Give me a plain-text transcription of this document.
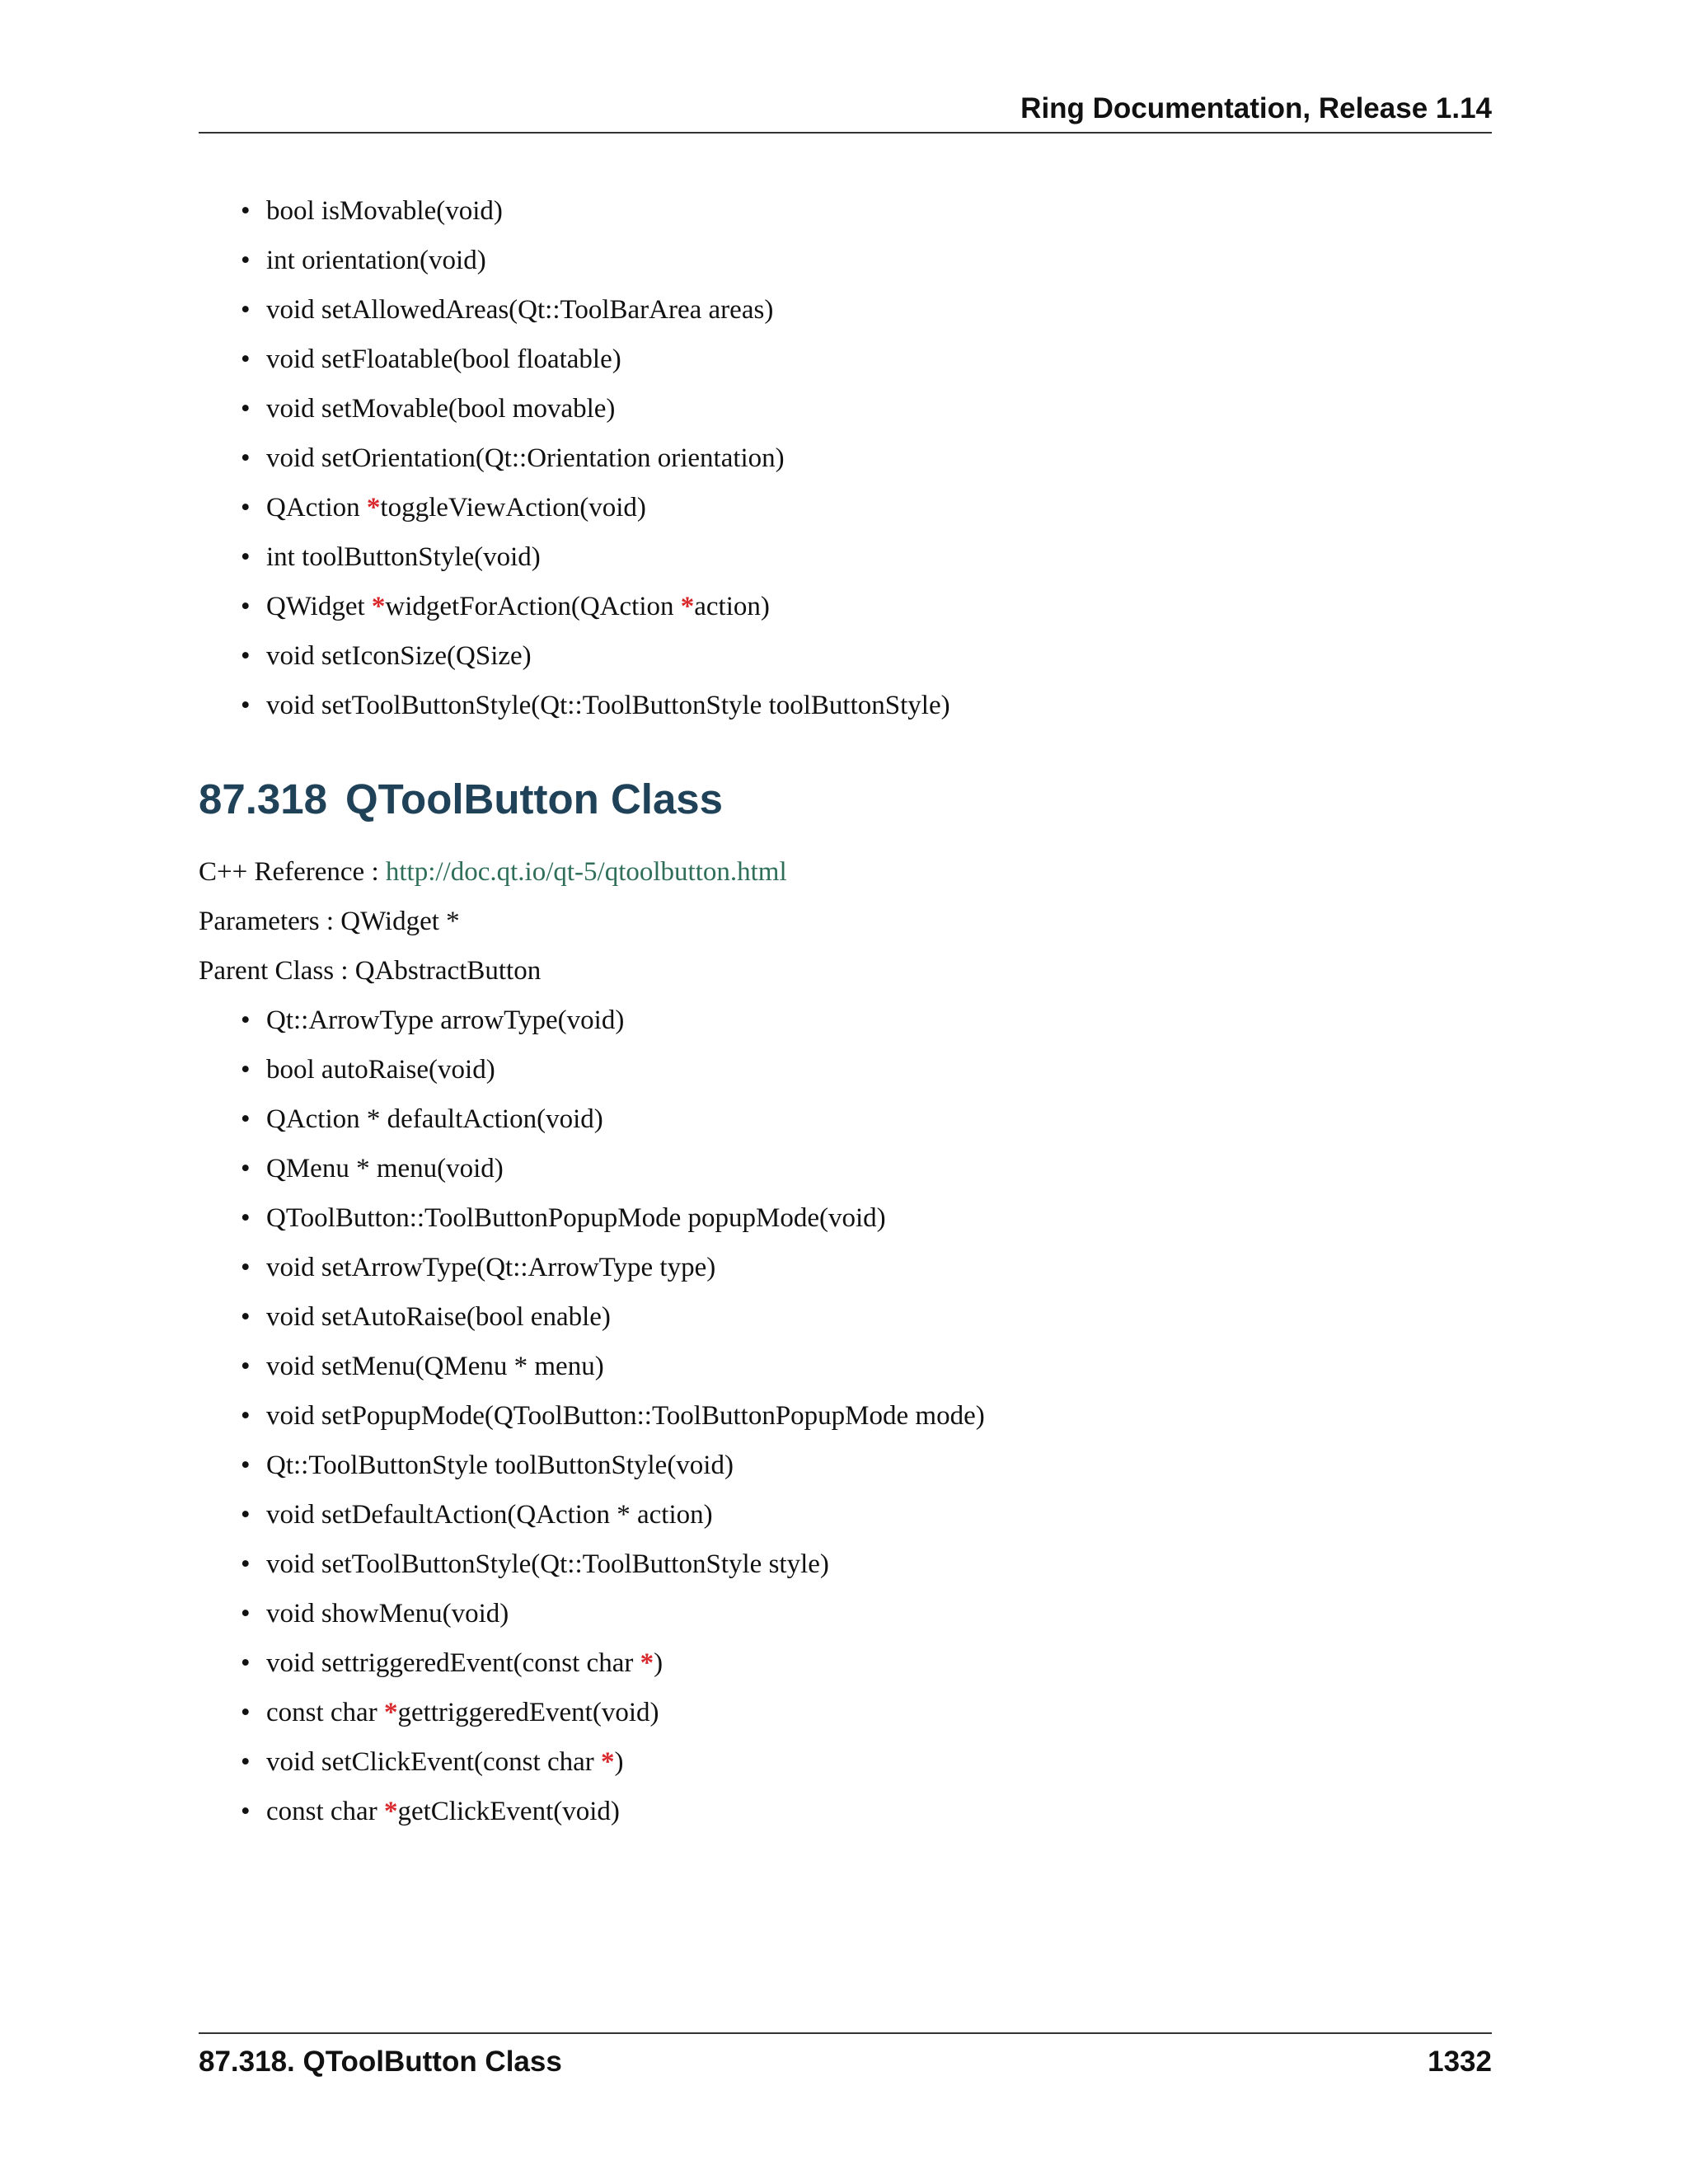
Ring Documentation, Release 1.14
• bool isMovable(void)
• int orientation(void)
• void setAllowedAreas(Qt::ToolBarArea areas)
• void setFloatable(bool floatable)
• void setMovable(bool movable)
• void setOrientation(Qt::Orientation orientation)
• QAction *toggleViewAction(void)
• int toolButtonStyle(void)
• QWidget *widgetForAction(QAction *action)
• void setIconSize(QSize)
• void setToolButtonStyle(Qt::ToolButtonStyle toolButtonStyle)
87.318 QToolButton Class
C++ Reference : http://doc.qt.io/qt-5/qtoolbutton.html
Parameters : QWidget *
Parent Class : QAbstractButton
• Qt::ArrowType arrowType(void)
• bool autoRaise(void)
• QAction * defaultAction(void)
• QMenu * menu(void)
• QToolButton::ToolButtonPopupMode popupMode(void)
• void setArrowType(Qt::ArrowType type)
• void setAutoRaise(bool enable)
• void setMenu(QMenu * menu)
• void setPopupMode(QToolButton::ToolButtonPopupMode mode)
• Qt::ToolButtonStyle toolButtonStyle(void)
• void setDefaultAction(QAction * action)
• void setToolButtonStyle(Qt::ToolButtonStyle style)
• void showMenu(void)
• void settriggeredEvent(const char *)
• const char *gettriggeredEvent(void)
• void setClickEvent(const char *)
• const char *getClickEvent(void)
87.318. QToolButton Class	1332
